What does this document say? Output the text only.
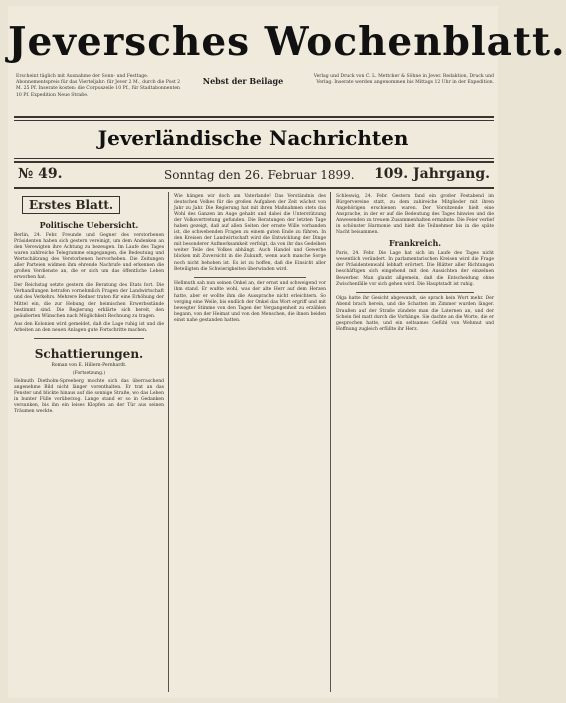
Jeversches Wochenblatt.
Erscheint täglich mit Ausnahme der Sonn- und Festtage. Abonnementspreis für das Vierteljahr: für Jever 2 M., durch die Post 2 M. 25 Pf. Inserate kosten: die Corpuszeile 10 Pf., für Stadtabonnenten 10 Pf. Expedition Neue Straße.
Nebst der Beilage	Verlag und Druck von C. L. Mettcker & Söhne in Jever. Redaktion, Druck und Verlag. Inserate werden angenommen bis Mittags 12 Uhr in der Expedition.
Jeverländische Nachrichten
№ 49.	Sonntag den 26. Februar 1899. 109. Jahrgang.
Erstes Blatt.
Politische Uebersicht.

Berlin, 24. Febr. Freunde und Gegner des verstorbenen Präsidenten haben sich gestern vereinigt, um dem Andenken an den Verewigten ihre Achtung zu bezeugen. Im Laufe des Tages waren zahlreiche Telegramme eingegangen, die Bedeutung und Wertschätzung des Verstorbenen hervorheben. Die Zeitungen aller Parteien widmen ihm ehrende Nachrufe und erkennen die großen Verdienste an, die er sich um das öffentliche Leben erworben hat.

Der Reichstag setzte gestern die Beratung des Etats fort. Die Verhandlungen betrafen vornehmlich Fragen der Landwirtschaft und des Verkehrs. Mehrere Redner traten für eine Erhöhung der Mittel ein, die zur Hebung der heimischen Erwerbsstände bestimmt sind. Die Regierung erklärte sich bereit, den geäußerten Wünschen nach Möglichkeit Rechnung zu tragen.

Aus den Kolonien wird gemeldet, daß die Lage ruhig ist und die Arbeiten an den neuen Anlagen gute Fortschritte machen.

Schattierungen.
Roman von E. Hillern-Pernhardt.
(Fortsetzung.)

Helmuth Dietholm-Spreeberg mochte sich das überraschend angenehme Bild nicht länger vorenthalten. Er trat an das Fenster und blickte hinaus auf die sonnige Straße, wo das Leben in bunter Fülle vorüberzog. Lange stand er so in Gedanken versunken, bis ihn ein leises Klopfen an der Tür aus seinen Träumen weckte.

Wie hängen wir doch am Vaterlande! Das Verständnis des deutschen Volkes für die großen Aufgaben der Zeit wächst von Jahr zu Jahr. Die Regierung hat mit ihren Maßnahmen stets das Wohl des Ganzen im Auge gehabt und dabei die Unterstützung der Volksvertretung gefunden. Die Beratungen der letzten Tage haben gezeigt, daß auf allen Seiten der ernste Wille vorhanden ist, die schwebenden Fragen zu einem guten Ende zu führen. In den Kreisen der Landwirtschaft wird die Entwicklung der Dinge mit besonderer Aufmerksamkeit verfolgt, da von ihr das Gedeihen weiter Teile des Volkes abhängt. Auch Handel und Gewerbe blicken mit Zuversicht in die Zukunft, wenn auch manche Sorge noch nicht behoben ist. Es ist zu hoffen, daß die Einsicht aller Beteiligten die Schwierigkeiten überwinden wird.

Hellmuth sah nun seinen Onkel an, der ernst und schweigend vor ihm stand. Er wußte wohl, was der alte Herr auf dem Herzen hatte, aber er wollte ihm die Aussprache nicht erleichtern. So verging eine Weile, bis endlich der Onkel das Wort ergriff und mit bewegter Stimme von den Tagen der Vergangenheit zu erzählen begann, von der Heimat und von den Menschen, die ihnen beiden einst nahe gestanden hatten.

Schleswig, 24. Febr. Gestern fand ein großer Festabend im Bürgervereine statt, zu dem zahlreiche Mitglieder mit ihren Angehörigen erschienen waren. Der Vorsitzende hielt eine Ansprache, in der er auf die Bedeutung des Tages hinwies und die Anwesenden zu treuem Zusammenhalten ermahnte. Die Feier verlief in schönster Harmonie und hielt die Teilnehmer bis in die späte Nacht beisammen.

Frankreich.

Paris, 24. Febr. Die Lage hat sich im Laufe des Tages nicht wesentlich verändert. In parlamentarischen Kreisen wird die Frage der Präsidentenwahl lebhaft erörtert. Die Blätter aller Richtungen beschäftigen sich eingehend mit den Aussichten der einzelnen Bewerber. Man glaubt allgemein, daß die Entscheidung ohne Zwischenfälle vor sich gehen wird. Die Hauptstadt ist ruhig.

Olga hatte ihr Gesicht abgewandt, sie sprach kein Wort mehr. Der Abend brach herein, und die Schatten im Zimmer wurden länger. Draußen auf der Straße zündete man die Laternen an, und der Schein fiel matt durch die Vorhänge. Sie dachte an die Worte, die er gesprochen hatte, und ein seltsames Gefühl von Wehmut und Hoffnung zugleich erfüllte ihr Herz.
